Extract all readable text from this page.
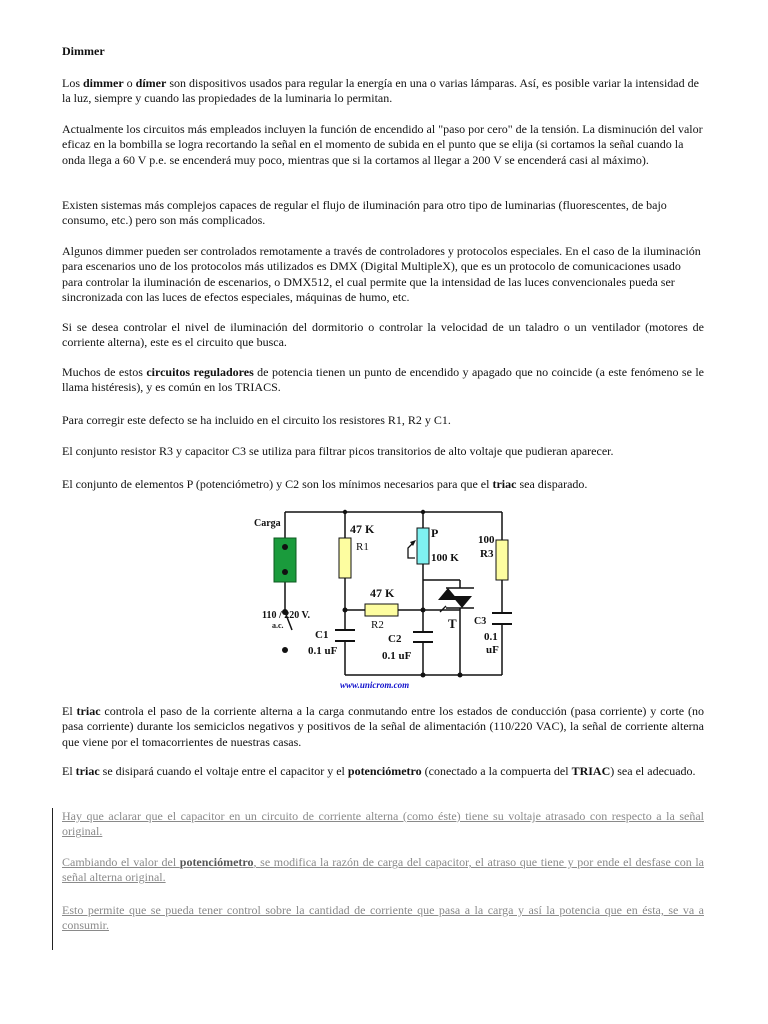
Dimmer

Los dimmer o dímer son dispositivos usados para regular la energía en una o varias lámparas. Así, es posible variar la intensidad de la luz, siempre y cuando las propiedades de la luminaria lo permitan.

Actualmente los circuitos más empleados incluyen la función de encendido al "paso por cero" de la tensión. La disminución del valor eficaz en la bombilla se logra recortando la señal en el momento de subida en el punto que se elija (si cortamos la señal cuando la onda llega a 60 V p.e. se encenderá muy poco, mientras que si la cortamos al llegar a 200 V se encenderá casi al máximo).

Existen sistemas más complejos capaces de regular el flujo de iluminación para otro tipo de luminarias (fluorescentes, de bajo consumo, etc.) pero son más complicados.

Algunos dimmer pueden ser controlados remotamente a través de controladores y protocolos especiales. En el caso de la iluminación para escenarios uno de los protocolos más utilizados es DMX (Digital MultipleX), que es un protocolo de comunicaciones usado para controlar la iluminación de escenarios, o DMX512, el cual permite que la intensidad de las luces convencionales pueda ser sincronizada con las luces de efectos especiales, máquinas de humo, etc.

Si se desea controlar el nivel de iluminación del dormitorio o controlar la velocidad de un taladro o un ventilador (motores de corriente alterna), este es el circuito que busca.

Muchos de estos circuitos reguladores de potencia tienen un punto de encendido y apagado que no coincide (a este fenómeno se le llama histéresis), y es común en los TRIACS.

Para corregir este defecto se ha incluido en el circuito los resistores R1, R2 y C1.

El conjunto resistor R3 y capacitor C3 se utiliza para filtrar picos transitorios de alto voltaje que pudieran aparecer.

El conjunto de elementos P (potenciómetro) y C2 son los mínimos necesarios para que el triac sea disparado.

El triac controla el paso de la corriente alterna a la carga conmutando entre los estados de conducción (pasa corriente) y corte (no pasa corriente) durante los semiciclos negativos y positivos de la señal de alimentación (110/220 VAC), la señal de corriente alterna que viene por el tomacorrientes de nuestras casas.

El triac se disipará cuando el voltaje entre el capacitor y el potenciómetro (conectado a la compuerta del TRIAC) sea el adecuado.

Hay que aclarar que el capacitor en un circuito de corriente alterna (como éste) tiene su voltaje atrasado con respecto a la señal original.

Cambiando el valor del potenciómetro, se modifica la razón de carga del capacitor, el atraso que tiene y por ende el desfase con la señal alterna original.

Esto permite que se pueda tener control sobre la cantidad de corriente que pasa a la carga y así la potencia que en ésta, se va a consumir.

Carga
110 / 220 V.
a.c.
47 K
R1
P
100 K
100
R3
47 K
R2
C1
0.1 uF
C2
0.1 uF
T C3
0.1
uF
www.unicrom.com
